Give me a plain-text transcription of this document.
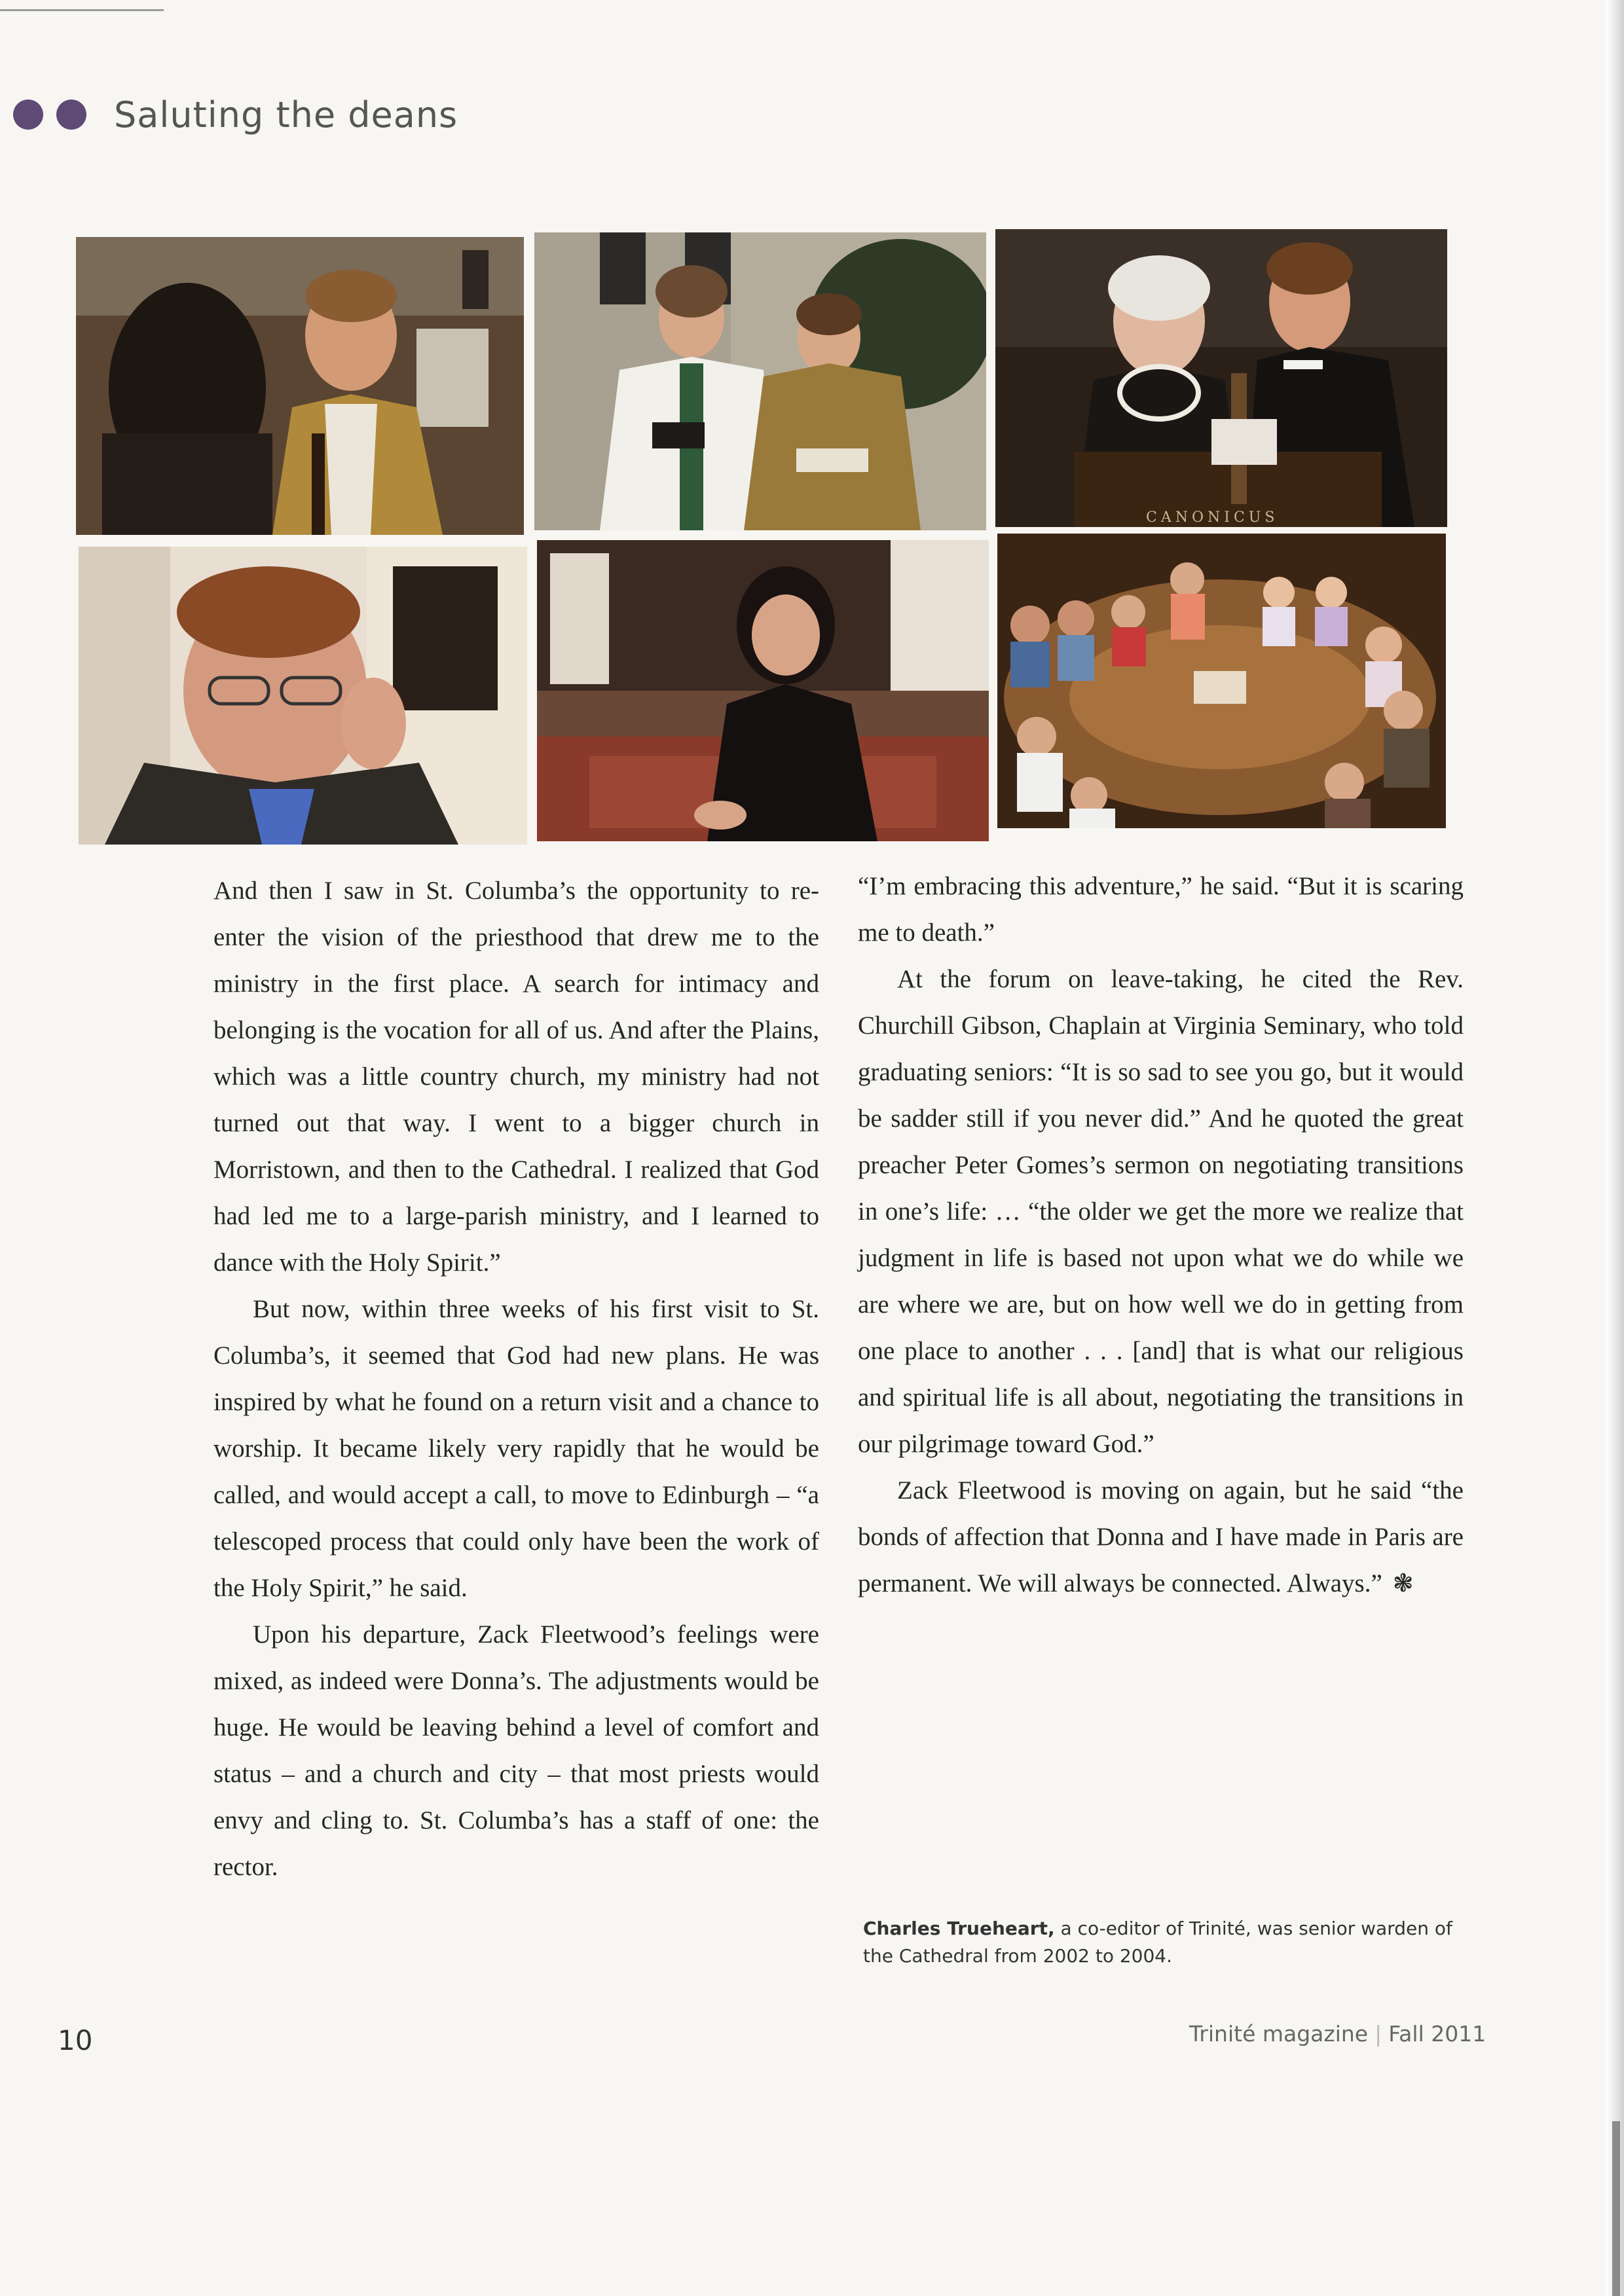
Saluting the deans
CANONICUS

And then I saw in St. Columba’s the opportunity to re-enter the vision of the priesthood that drew me to the ministry in the first place. A search for intimacy and belonging is the vocation for all of us. And after the Plains, which was a little country church, my ministry had not turned out that way. I went to a bigger church in Morristown, and then to the Cathedral. I realized that God had led me to a large-parish ministry, and I learned to dance with the Holy Spirit.”

But now, within three weeks of his first visit to St. Columba’s, it seemed that God had new plans. He was inspired by what he found on a return visit and a chance to worship. It became likely very rapidly that he would be called, and would accept a call, to move to Edinburgh – “a telescoped process that could only have been the work of the Holy Spirit,” he said.

Upon his departure, Zack Fleetwood’s feelings were mixed, as indeed were Donna’s. The adjustments would be huge. He would be leaving behind a level of comfort and status – and a church and city – that most priests would envy and cling to. St. Columba’s has a staff of one: the rector.

“I’m embracing this adventure,” he said. “But it is scaring me to death.”

At the forum on leave-taking, he cited the Rev. Churchill Gibson, Chaplain at Virginia Seminary, who told graduating seniors: “It is so sad to see you go, but it would be sadder still if you never did.” And he quoted the great preacher Peter Gomes’s sermon on negotiating transitions in one’s life: … “the older we get the more we realize that judgment in life is based not upon what we do while we are where we are, but on how well we do in getting from one place to another . . . [and] that is what our religious and spiritual life is all about, negotiating the transitions in our pilgrimage toward God.”

Zack Fleetwood is moving on again, but he said “the bonds of affection that Donna and I have made in Paris are permanent. We will always be connected. Always.” ❃

Charles Trueheart, a co-editor of Trinité, was senior warden of the Cathedral from 2002 to 2004.
10	Trinité magazine | Fall 2011
